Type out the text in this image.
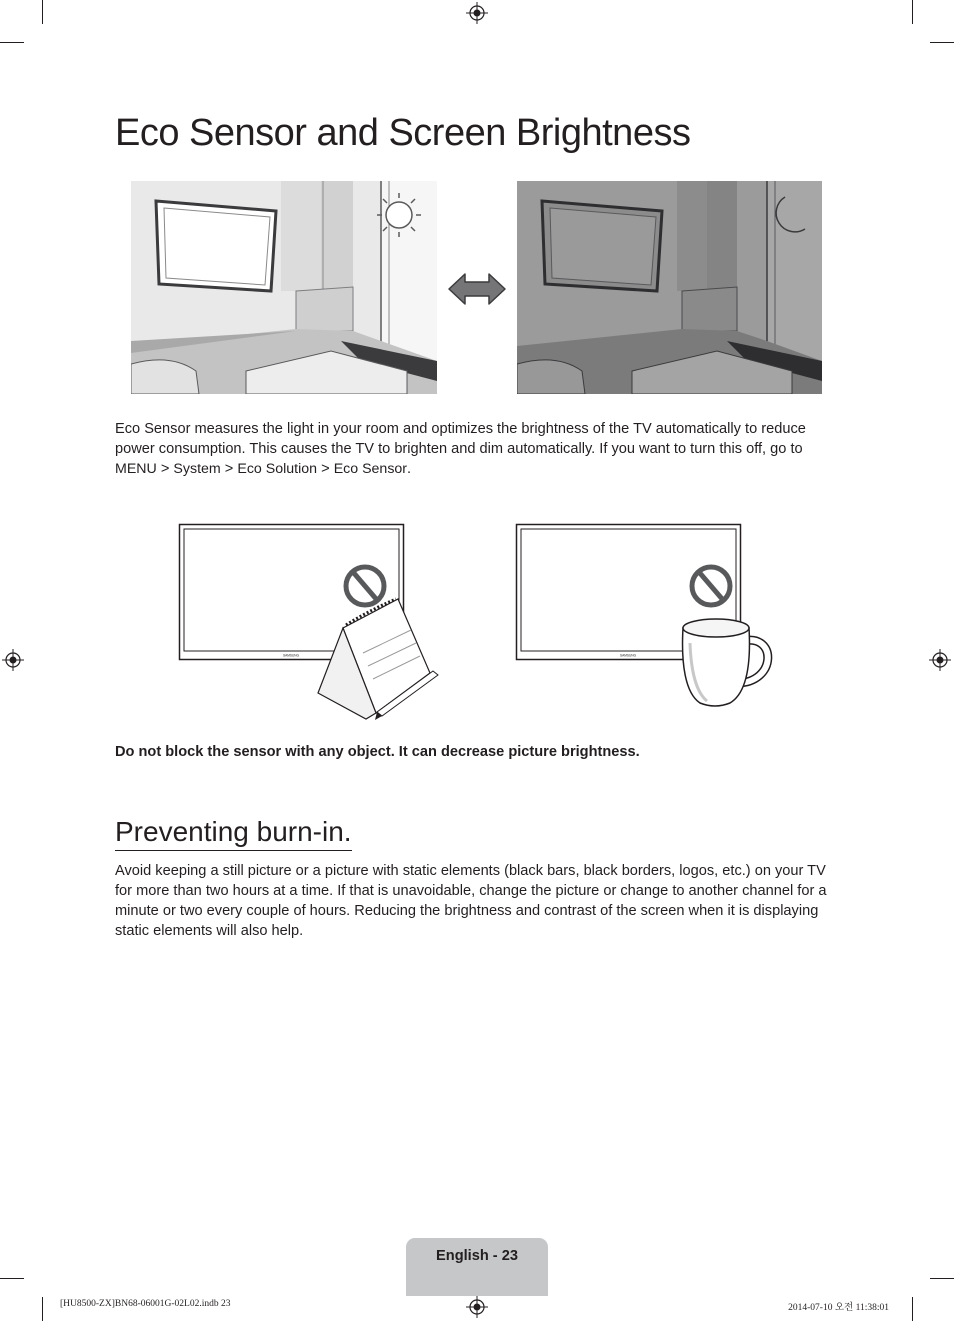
Eco Sensor and Screen Brightness

Eco Sensor measures the light in your room and optimizes the brightness of the TV automatically to reduce power consumption. This causes the TV to brighten and dim automatically. If you want to turn this off, go to
MENU > System > Eco Solution > Eco Sensor.

SAMSUNG	SAMSUNG

Do not block the sensor with any object. It can decrease picture brightness.

Preventing burn-in.

Avoid keeping a still picture or a picture with static elements (black bars, black borders, logos, etc.) on your TV for more than two hours at a time. If that is unavoidable, change the picture or change to another channel for a minute or two every couple of hours. Reducing the brightness and contrast of the screen when it is displaying static elements will also help.

English - 23
[HU8500-ZX]BN68-06001G-02L02.indb 23	2014-07-10 오전 11:38:01
